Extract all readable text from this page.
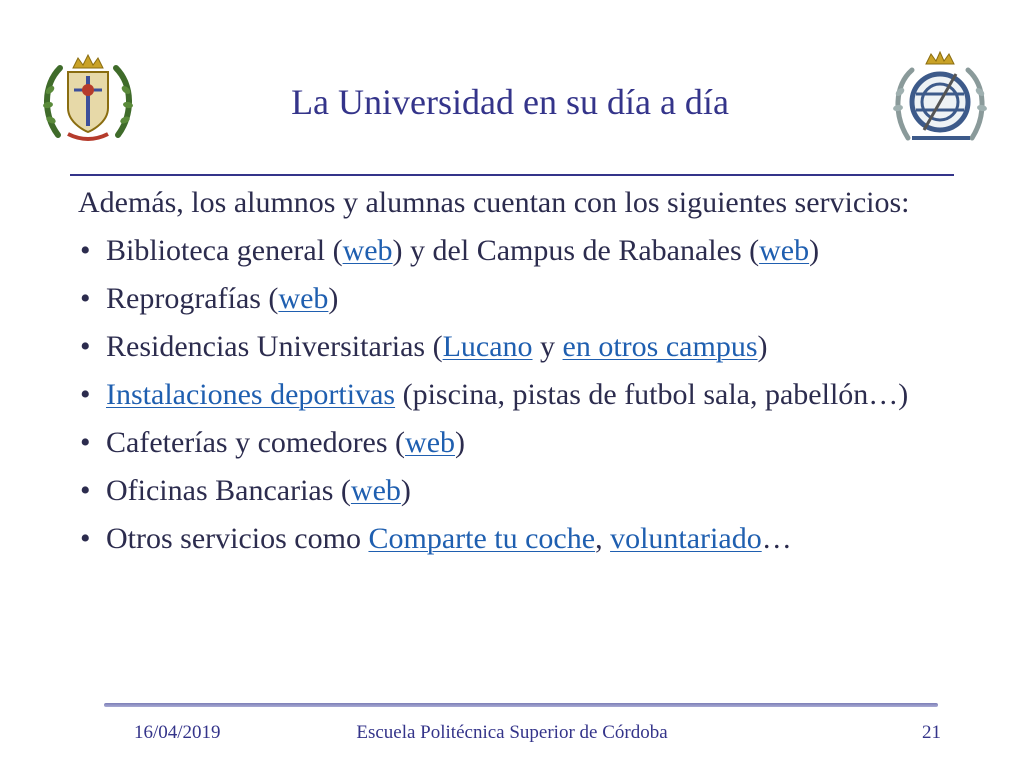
La Universidad en su día a día

Además, los alumnos y alumnas cuentan con los siguientes servicios:

• Biblioteca general (web) y del Campus de Rabanales (web)
• Reprografías (web)
• Residencias Universitarias (Lucano y en otros campus)
• Instalaciones deportivas (piscina, pistas de futbol sala, pabellón…)
• Cafeterías y comedores (web)
• Oficinas Bancarias (web)
• Otros servicios como Comparte tu coche, voluntariado…
16/04/2019	Escuela Politécnica Superior de Córdoba	21
